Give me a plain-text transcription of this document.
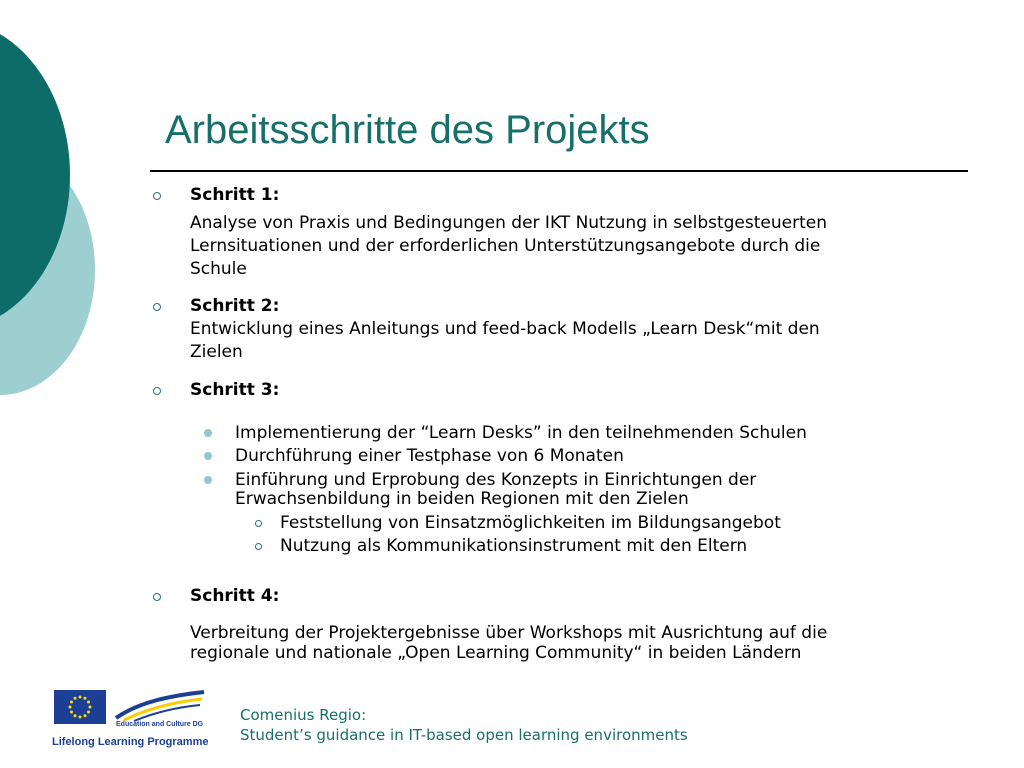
Arbeitsschritte des Projekts
Schritt 1:
Analyse von Praxis und Bedingungen der IKT Nutzung in selbstgesteuerten
Lernsituationen und der erforderlichen Unterstützungsangebote durch die
Schule
Schritt 2:
Entwicklung eines Anleitungs und feed-back Modells „Learn Desk“mit den
Zielen
Schritt 3:
Implementierung der “Learn Desks” in den teilnehmenden Schulen
Durchführung einer Testphase von 6 Monaten
Einführung und Erprobung des Konzepts in Einrichtungen der
Erwachsenbildung in beiden Regionen mit den Zielen
Feststellung von Einsatzmöglichkeiten im Bildungsangebot
Nutzung als Kommunikationsinstrument mit den Eltern
Schritt 4:
Verbreitung der Projektergebnisse über Workshops mit Ausrichtung auf die
regionale und nationale „Open Learning Community“ in beiden Ländern
Education and Culture DG
Lifelong Learning Programme
Comenius Regio:
Student’s guidance in IT-based open learning environments
